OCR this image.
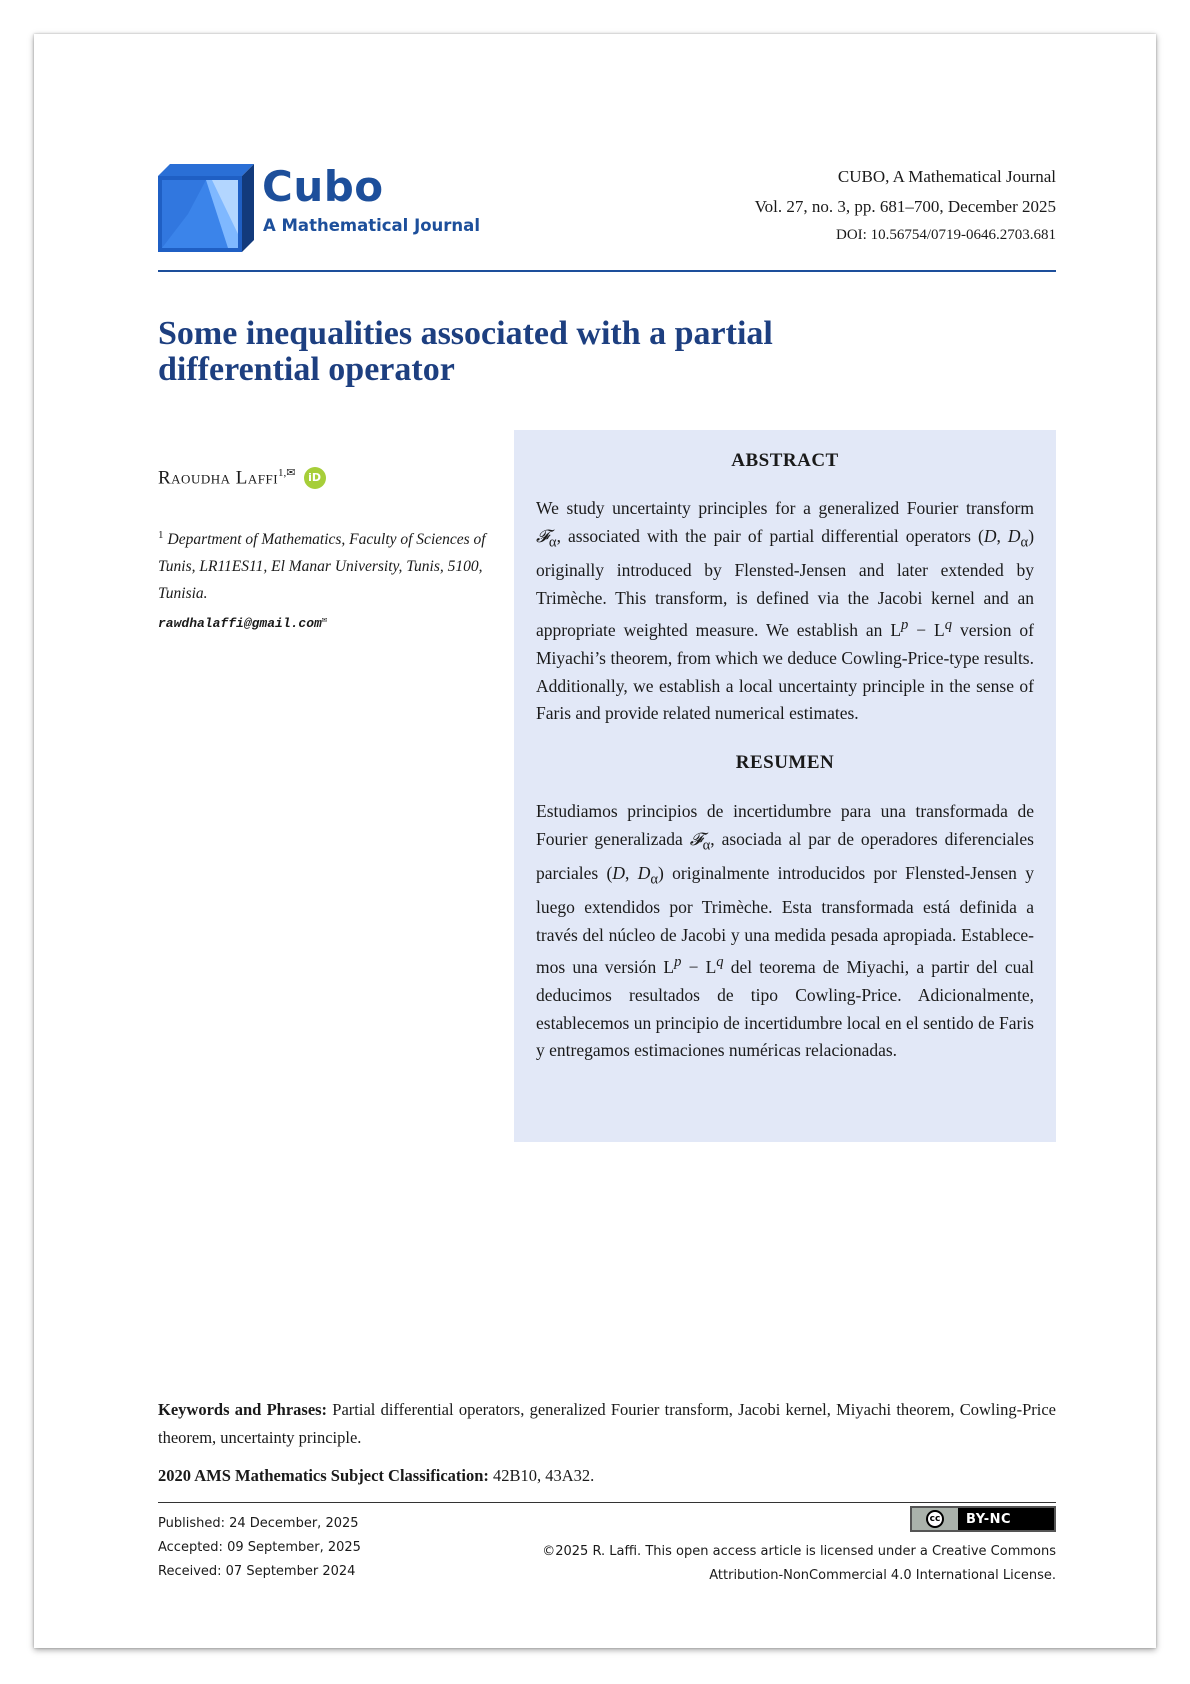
Cubo
A Mathematical Journal
CUBO, A Mathematical Journal
Vol. 27, no. 3, pp. 681–700, December 2025
DOI: 10.56754/0719-0646.2703.681
Some inequalities associated with a partial differential operator
Raoudha Laffi$^{1,✉}$ iD
$^1$ Department of Mathematics, Faculty of Sciences of Tunis, LR11ES11, El Manar University, Tunis, 5100, Tunisia.
rawdhalaffi@gmail.com✉
ABSTRACT

We study uncertainty principles for a generalized Fourier transform 𝓕$_\alpha$, associated with the pair of partial differential operators (D, $D_\alpha$) originally introduced by Flensted-Jensen and later extended by Trimèche. This transform, is defined via the Jacobi kernel and an appropriate weighted measure. We establish an $L^p - L^q$ version of Miyachi’s theorem, from which we deduce Cowling-Price-type results. Additionally, we establish a local uncertainty principle in the sense of Faris and provide related numerical estimates.

RESUMEN

Estudiamos principios de incertidumbre para una transformada de Fourier generalizada 𝓕$_\alpha$, asociada al par de operadores diferenciales parciales (D, $D_\alpha$) originalmente introducidos por Flensted-Jensen y luego extendidos por Trimèche. Esta transformada está definida a través del núcleo de Jacobi y una medida pesada apropiada. Establecemos una versión $L^p - L^q$ del teorema de Miyachi, a partir del cual deducimos resultados de tipo Cowling-Price. Adicionalmente, establecemos un principio de incertidumbre local en el sentido de Faris y entregamos estimaciones numéricas relacionadas.

Keywords and Phrases: Partial differential operators, generalized Fourier transform, Jacobi kernel, Miyachi theorem, Cowling-Price theorem, uncertainty principle.
2020 AMS Mathematics Subject Classification: 42B10, 43A32.
Published: 24 December, 2025
Accepted: 09 September, 2025
Received: 07 September 2024
cc BY-NC
©2025 R. Laffi. This open access article is licensed under a Creative Commons
Attribution-NonCommercial 4.0 International License.
